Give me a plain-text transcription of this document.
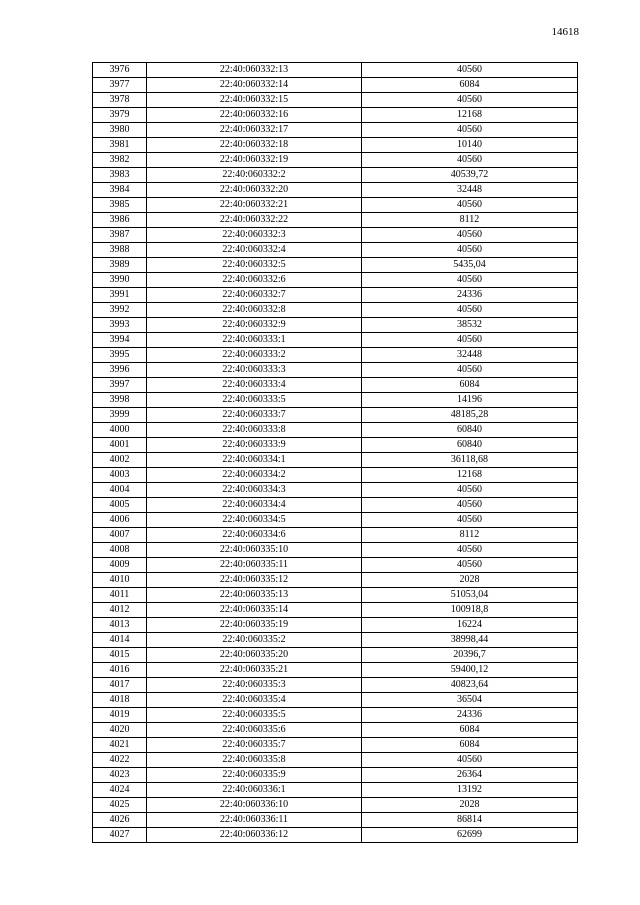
14618
3976	22:40:060332:13	40560
3977	22:40:060332:14	6084
3978	22:40:060332:15	40560
3979	22:40:060332:16	12168
3980	22:40:060332:17	40560
3981	22:40:060332:18	10140
3982	22:40:060332:19	40560
3983	22:40:060332:2	40539,72
3984	22:40:060332:20	32448
3985	22:40:060332:21	40560
3986	22:40:060332:22	8112
3987	22:40:060332:3	40560
3988	22:40:060332:4	40560
3989	22:40:060332:5	5435,04
3990	22:40:060332:6	40560
3991	22:40:060332:7	24336
3992	22:40:060332:8	40560
3993	22:40:060332:9	38532
3994	22:40:060333:1	40560
3995	22:40:060333:2	32448
3996	22:40:060333:3	40560
3997	22:40:060333:4	6084
3998	22:40:060333:5	14196
3999	22:40:060333:7	48185,28
4000	22:40:060333:8	60840
4001	22:40:060333:9	60840
4002	22:40:060334:1	36118,68
4003	22:40:060334:2	12168
4004	22:40:060334:3	40560
4005	22:40:060334:4	40560
4006	22:40:060334:5	40560
4007	22:40:060334:6	8112
4008	22:40:060335:10	40560
4009	22:40:060335:11	40560
4010	22:40:060335:12	2028
4011	22:40:060335:13	51053,04
4012	22:40:060335:14	100918,8
4013	22:40:060335:19	16224
4014	22:40:060335:2	38998,44
4015	22:40:060335:20	20396,7
4016	22:40:060335:21	59400,12
4017	22:40:060335:3	40823,64
4018	22:40:060335:4	36504
4019	22:40:060335:5	24336
4020	22:40:060335:6	6084
4021	22:40:060335:7	6084
4022	22:40:060335:8	40560
4023	22:40:060335:9	26364
4024	22:40:060336:1	13192
4025	22:40:060336:10	2028
4026	22:40:060336:11	86814
4027	22:40:060336:12	62699
